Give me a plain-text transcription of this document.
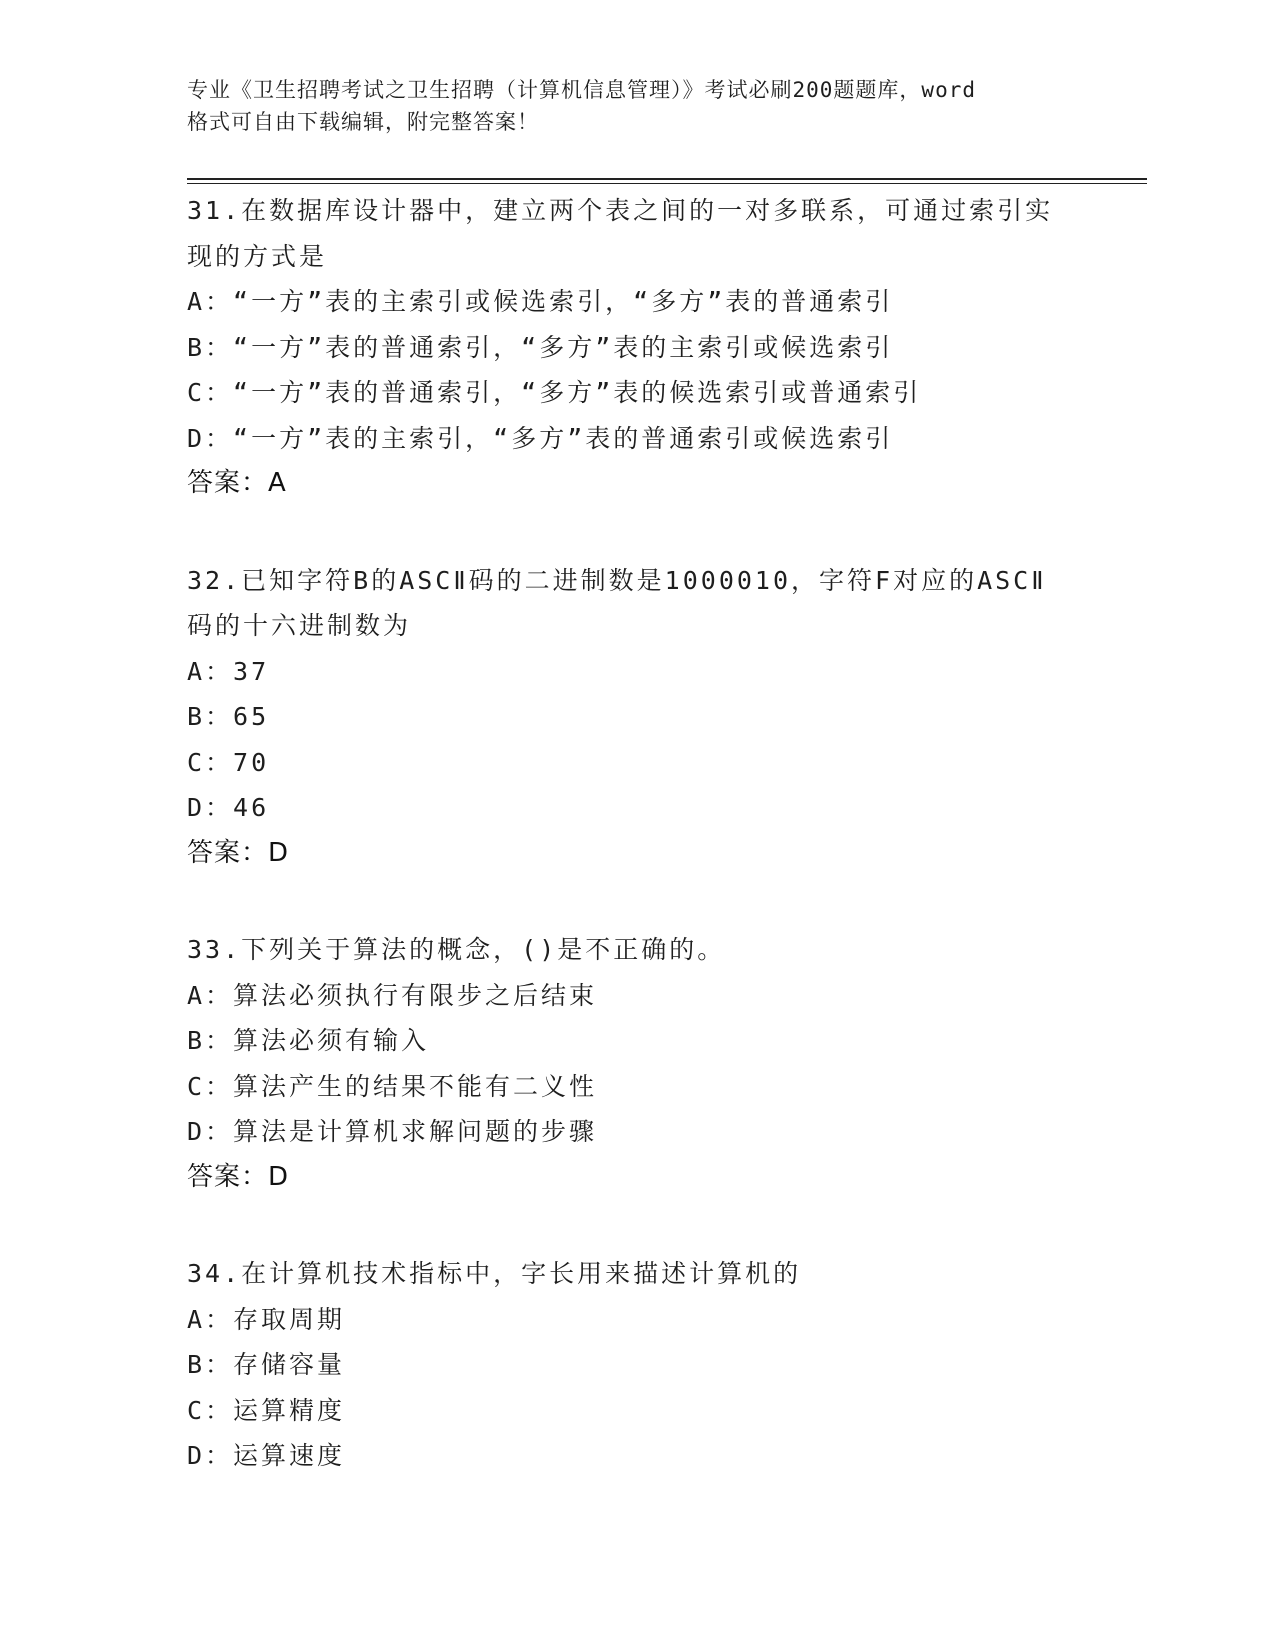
专业《卫生招聘考试之卫生招聘（计算机信息管理）》考试必刷200题题库，word
格式可自由下载编辑，附完整答案！
31.在数据库设计器中，建立两个表之间的一对多联系，可通过索引实现的方式是
A：“一方”表的主索引或候选索引，“多方”表的普通索引
B：“一方”表的普通索引，“多方”表的主索引或候选索引
C：“一方”表的普通索引，“多方”表的候选索引或普通索引
D：“一方”表的主索引，“多方”表的普通索引或候选索引
答案：A
32.已知字符B的ASCⅡ码的二进制数是1000010，字符F对应的ASCⅡ码的十六进制数为
A：37
B：65
C：70
D：46
答案：D
33.下列关于算法的概念，()是不正确的。
A：算法必须执行有限步之后结束
B：算法必须有输入
C：算法产生的结果不能有二义性
D：算法是计算机求解问题的步骤
答案：D
34.在计算机技术指标中，字长用来描述计算机的
A：存取周期
B：存储容量
C：运算精度
D：运算速度
